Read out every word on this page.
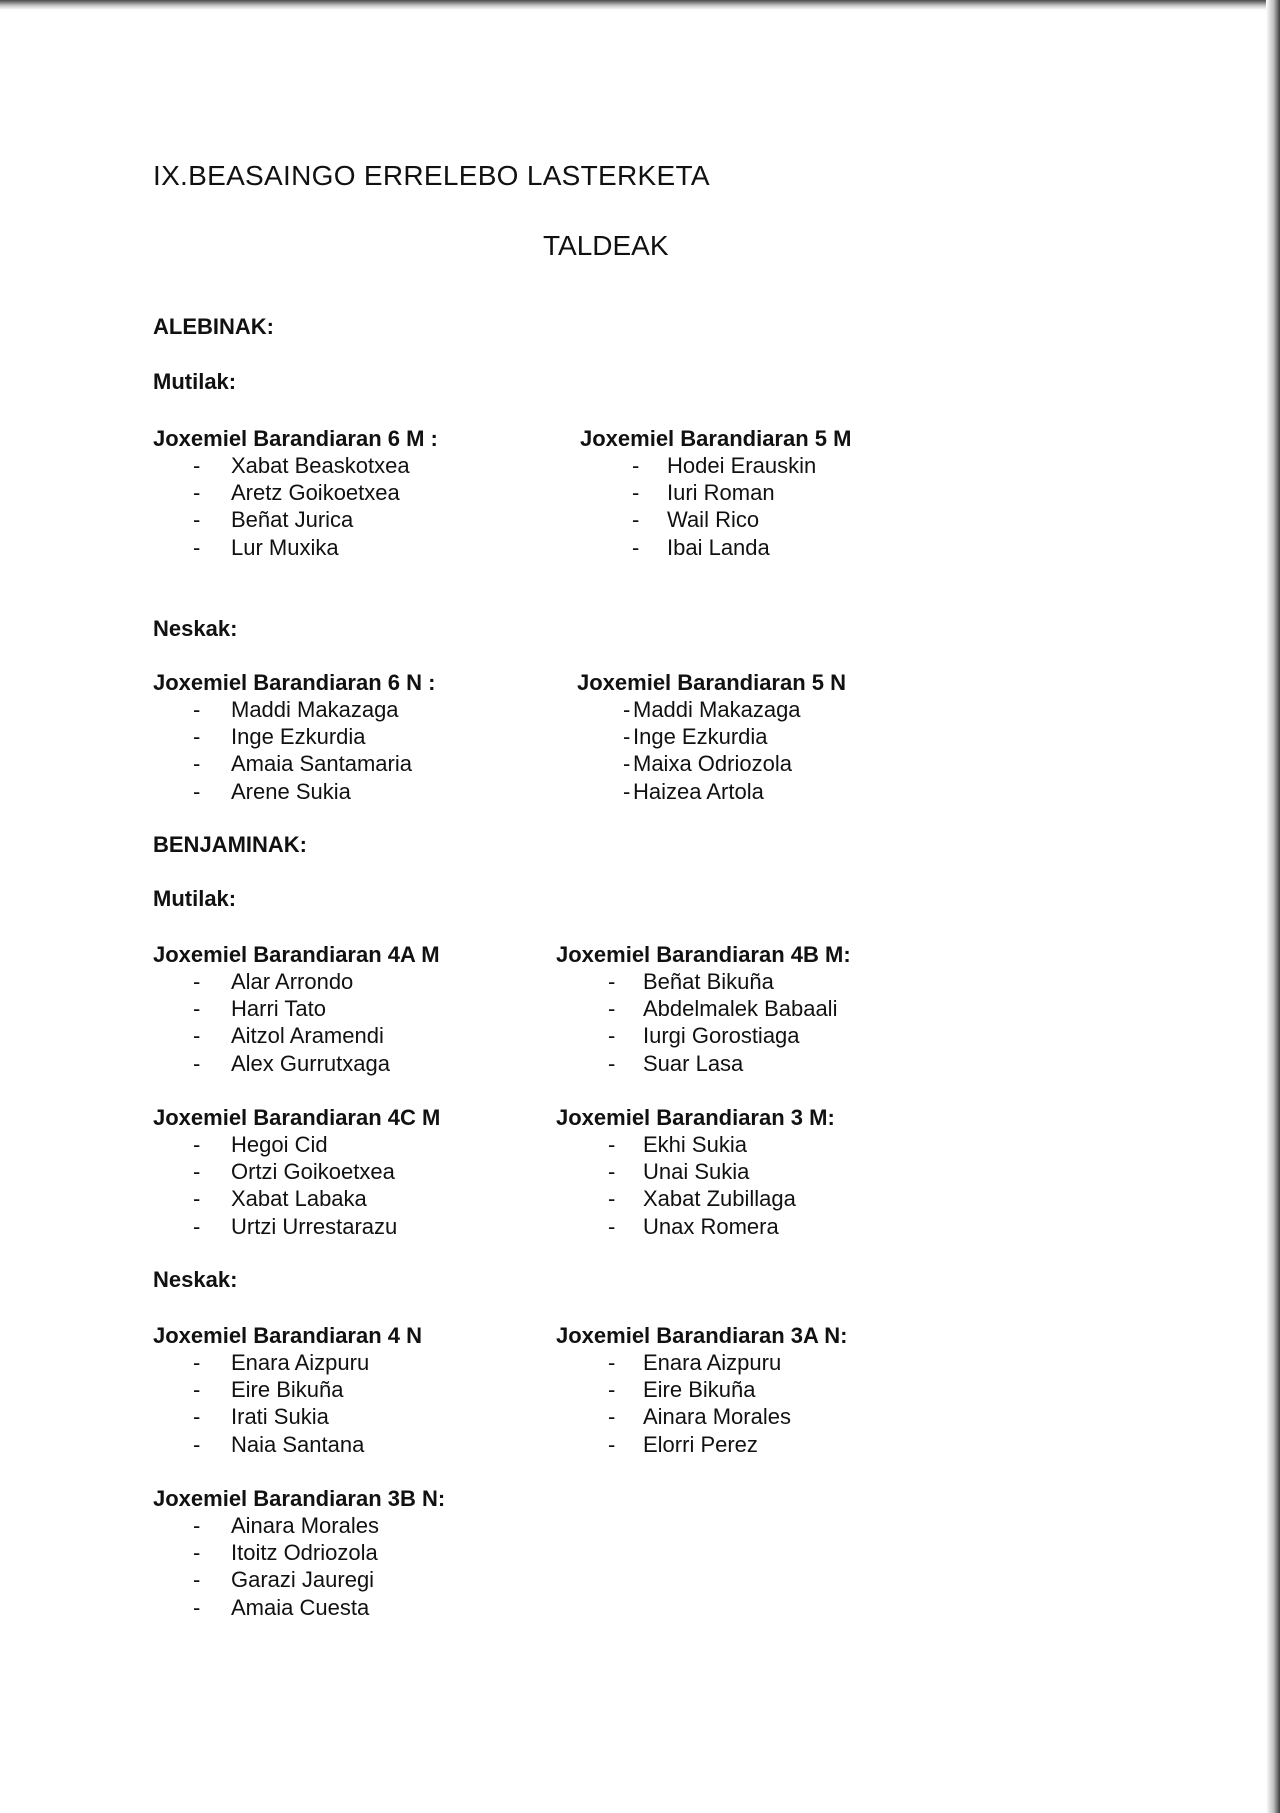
IX.BEASAINGO ERRELEBO LASTERKETA
TALDEAK
ALEBINAK:
Mutilak:
Joxemiel Barandiaran 6 M :
- Xabat Beaskotxea
- Aretz Goikoetxea
- Beñat Jurica
- Lur Muxika
Joxemiel Barandiaran 5 M
- Hodei Erauskin
- Iuri Roman
- Wail Rico
- Ibai Landa
Neskak:
Joxemiel Barandiaran 6 N :
- Maddi Makazaga
- Inge Ezkurdia
- Amaia Santamaria
- Arene Sukia
Joxemiel Barandiaran 5 N
- Maddi Makazaga
- Inge Ezkurdia
- Maixa Odriozola
- Haizea Artola
BENJAMINAK:
Mutilak:
Joxemiel Barandiaran 4A M
- Alar Arrondo
- Harri Tato
- Aitzol Aramendi
- Alex Gurrutxaga
Joxemiel Barandiaran 4B M:
- Beñat Bikuña
- Abdelmalek Babaali
- Iurgi Gorostiaga
- Suar Lasa
Joxemiel Barandiaran 4C M
- Hegoi Cid
- Ortzi Goikoetxea
- Xabat Labaka
- Urtzi Urrestarazu
Joxemiel Barandiaran 3 M:
- Ekhi Sukia
- Unai Sukia
- Xabat Zubillaga
- Unax Romera
Neskak:
Joxemiel Barandiaran 4 N
- Enara Aizpuru
- Eire Bikuña
- Irati Sukia
- Naia Santana
Joxemiel Barandiaran 3A N:
- Enara Aizpuru
- Eire Bikuña
- Ainara Morales
- Elorri Perez
Joxemiel Barandiaran 3B N:
- Ainara Morales
- Itoitz Odriozola
- Garazi Jauregi
- Amaia Cuesta
